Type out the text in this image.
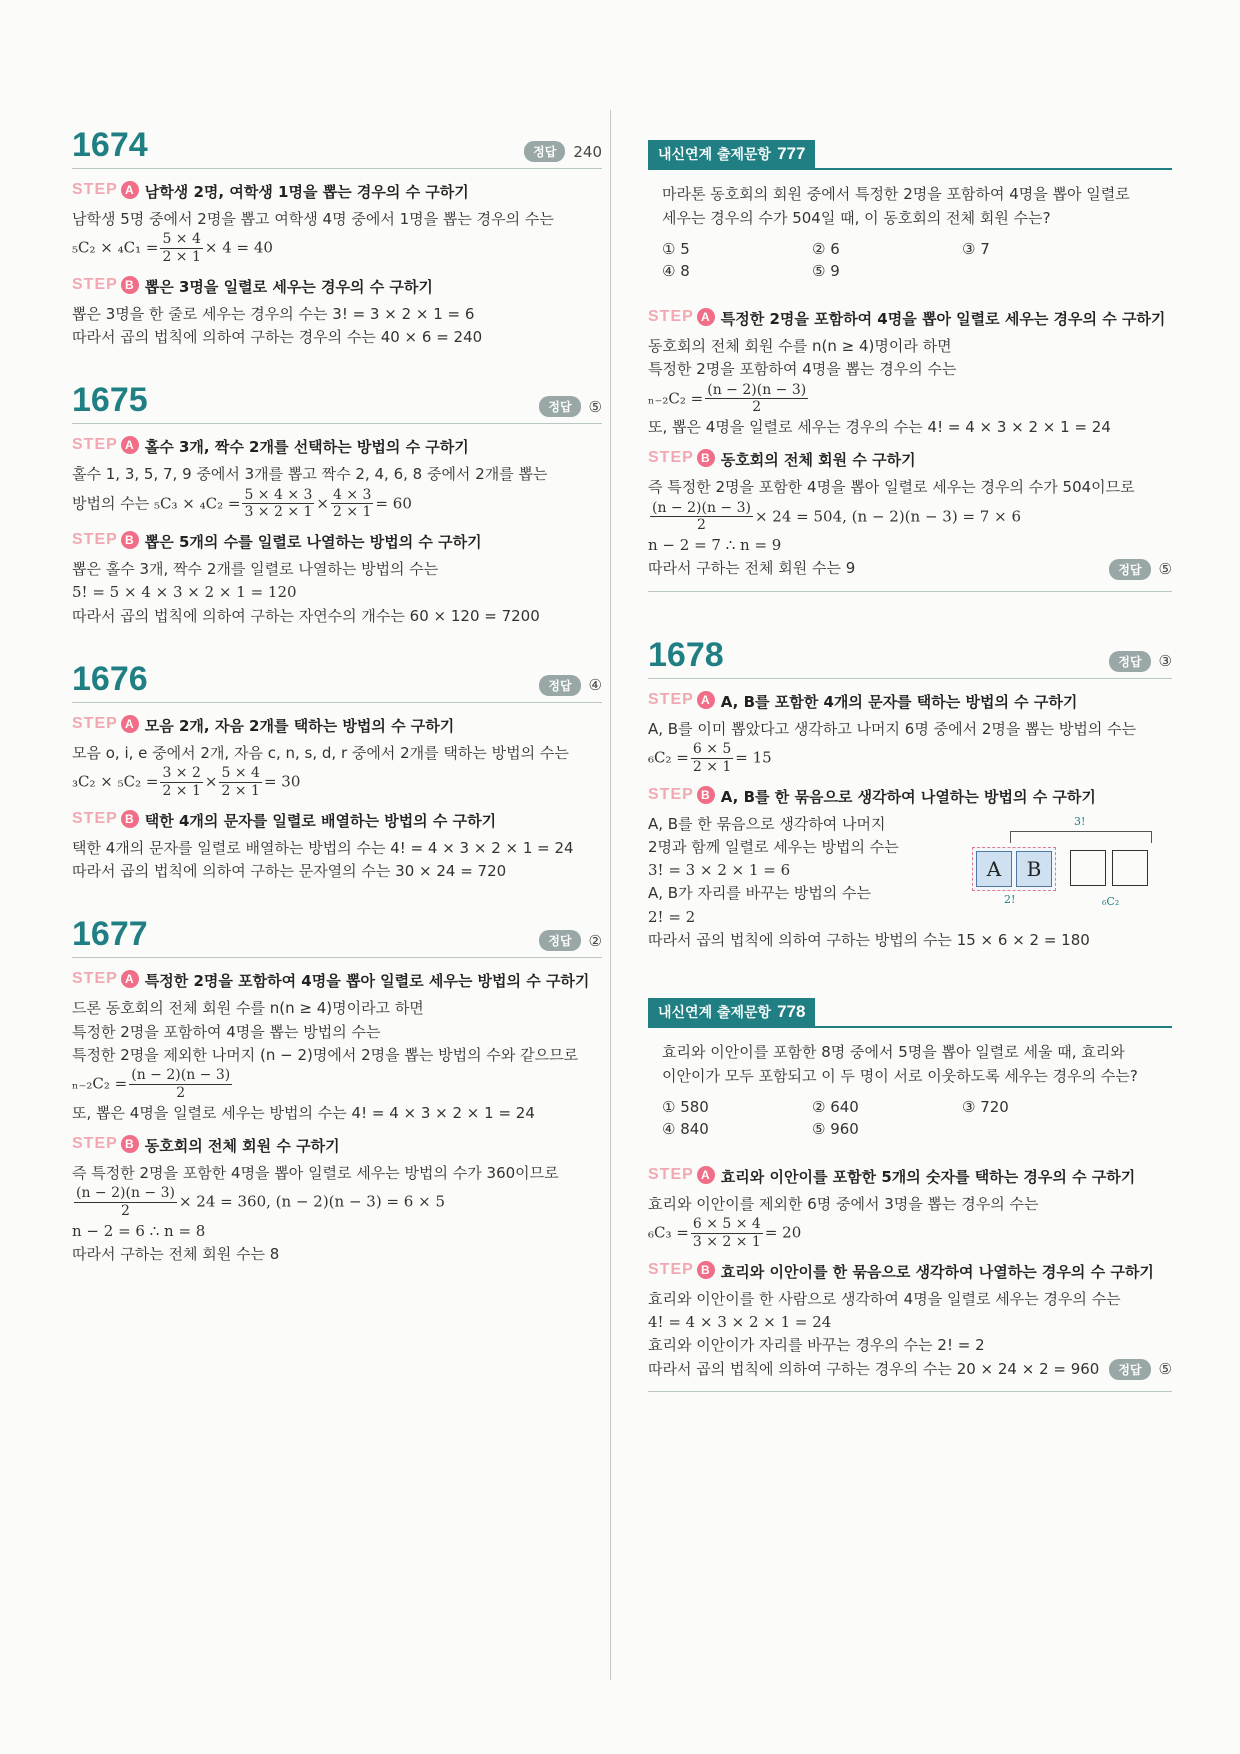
1674	정답	240
STEP A 남학생 2명, 여학생 1명을 뽑는 경우의 수 구하기
남학생 5명 중에서 2명을 뽑고 여학생 4명 중에서 1명을 뽑는 경우의 수는
$_5C_2 \times _4C_1 = \frac{5 \times 4}{2 \times 1} \times 4 = 40$
STEP B 뽑은 3명을 일렬로 세우는 경우의 수 구하기
뽑은 3명을 한 줄로 세우는 경우의 수는 3! = 3 × 2 × 1 = 6
따라서 곱의 법칙에 의하여 구하는 경우의 수는 40 × 6 = 240
1675	정답	⑤
STEP A 홀수 3개, 짝수 2개를 선택하는 방법의 수 구하기
홀수 1, 3, 5, 7, 9 중에서 3개를 뽑고 짝수 2, 4, 6, 8 중에서 2개를 뽑는
방법의 수는 $_5C_3 \times _4C_2 = \frac{5 \times 4 \times 3}{3 \times 2 \times 1} \times \frac{4 \times 3}{2 \times 1} = 60$
STEP B 뽑은 5개의 수를 일렬로 나열하는 방법의 수 구하기
뽑은 홀수 3개, 짝수 2개를 일렬로 나열하는 방법의 수는
5! = 5 × 4 × 3 × 2 × 1 = 120
따라서 곱의 법칙에 의하여 구하는 자연수의 개수는 60 × 120 = 7200
1676	정답	④
STEP A 모음 2개, 자음 2개를 택하는 방법의 수 구하기
모음 o, i, e 중에서 2개, 자음 c, n, s, d, r 중에서 2개를 택하는 방법의 수는
$_3C_2 \times _5C_2 = \frac{3 \times 2}{2 \times 1} \times \frac{5 \times 4}{2 \times 1} = 30$
STEP B 택한 4개의 문자를 일렬로 배열하는 방법의 수 구하기
택한 4개의 문자를 일렬로 배열하는 방법의 수는 4! = 4 × 3 × 2 × 1 = 24
따라서 곱의 법칙에 의하여 구하는 문자열의 수는 30 × 24 = 720
1677	정답	②
STEP A 특정한 2명을 포함하여 4명을 뽑아 일렬로 세우는 방법의 수 구하기
드론 동호회의 전체 회원 수를 n(n ≥ 4)명이라고 하면
특정한 2명을 포함하여 4명을 뽑는 방법의 수는
특정한 2명을 제외한 나머지 (n − 2)명에서 2명을 뽑는 방법의 수와 같으므로
$_{n-2}C_2 = \frac{(n - 2)(n - 3)}{2}$
또, 뽑은 4명을 일렬로 세우는 방법의 수는 4! = 4 × 3 × 2 × 1 = 24
STEP B 동호회의 전체 회원 수 구하기
즉 특정한 2명을 포함한 4명을 뽑아 일렬로 세우는 방법의 수가 360이므로
$\frac{(n - 2)(n - 3)}{2} \times 24 = 360$, (n − 2)(n − 3) = 6 × 5
n − 2 = 6 ∴ n = 8
따라서 구하는 전체 회원 수는 8
내신연계 출제문항 777
마라톤 동호회의 회원 중에서 특정한 2명을 포함하여 4명을 뽑아 일렬로
세우는 경우의 수가 504일 때, 이 동호회의 전체 회원 수는?
① 5	② 6	③ 7
④ 8	⑤ 9
STEP A 특정한 2명을 포함하여 4명을 뽑아 일렬로 세우는 경우의 수 구하기
동호회의 전체 회원 수를 n(n ≥ 4)명이라 하면
특정한 2명을 포함하여 4명을 뽑는 경우의 수는
$_{n-2}C_2 = \frac{(n - 2)(n - 3)}{2}$
또, 뽑은 4명을 일렬로 세우는 경우의 수는 4! = 4 × 3 × 2 × 1 = 24
STEP B 동호회의 전체 회원 수 구하기
즉 특정한 2명을 포함한 4명을 뽑아 일렬로 세우는 경우의 수가 504이므로
$\frac{(n - 2)(n - 3)}{2} \times 24 = 504$, (n − 2)(n − 3) = 7 × 6
n − 2 = 7 ∴ n = 9
따라서 구하는 전체 회원 수는 9	정답	⑤
1678	정답	③
STEP A A, B를 포함한 4개의 문자를 택하는 방법의 수 구하기
A, B를 이미 뽑았다고 생각하고 나머지 6명 중에서 2명을 뽑는 방법의 수는
$_6C_2 = \frac{6 \times 5}{2 \times 1} = 15$
STEP B A, B를 한 묶음으로 생각하여 나열하는 방법의 수 구하기
A, B를 한 묶음으로 생각하여 나머지
2명과 함께 일렬로 세우는 방법의 수는
3! = 3 × 2 × 1 = 6
A, B가 자리를 바꾸는 방법의 수는
2! = 2
3!
A	B
2!	₆C₂
따라서 곱의 법칙에 의하여 구하는 방법의 수는 15 × 6 × 2 = 180
내신연계 출제문항 778
효리와 이안이를 포함한 8명 중에서 5명을 뽑아 일렬로 세울 때, 효리와
이안이가 모두 포함되고 이 두 명이 서로 이웃하도록 세우는 경우의 수는?
① 580	② 640	③ 720
④ 840	⑤ 960
STEP A 효리와 이안이를 포함한 5개의 숫자를 택하는 경우의 수 구하기
효리와 이안이를 제외한 6명 중에서 3명을 뽑는 경우의 수는
$_6C_3 = \frac{6 \times 5 \times 4}{3 \times 2 \times 1} = 20$
STEP B 효리와 이안이를 한 묶음으로 생각하여 나열하는 경우의 수 구하기
효리와 이안이를 한 사람으로 생각하여 4명을 일렬로 세우는 경우의 수는
4! = 4 × 3 × 2 × 1 = 24
효리와 이안이가 자리를 바꾸는 경우의 수는 2! = 2
따라서 곱의 법칙에 의하여 구하는 경우의 수는 20 × 24 × 2 = 960	정답	⑤
